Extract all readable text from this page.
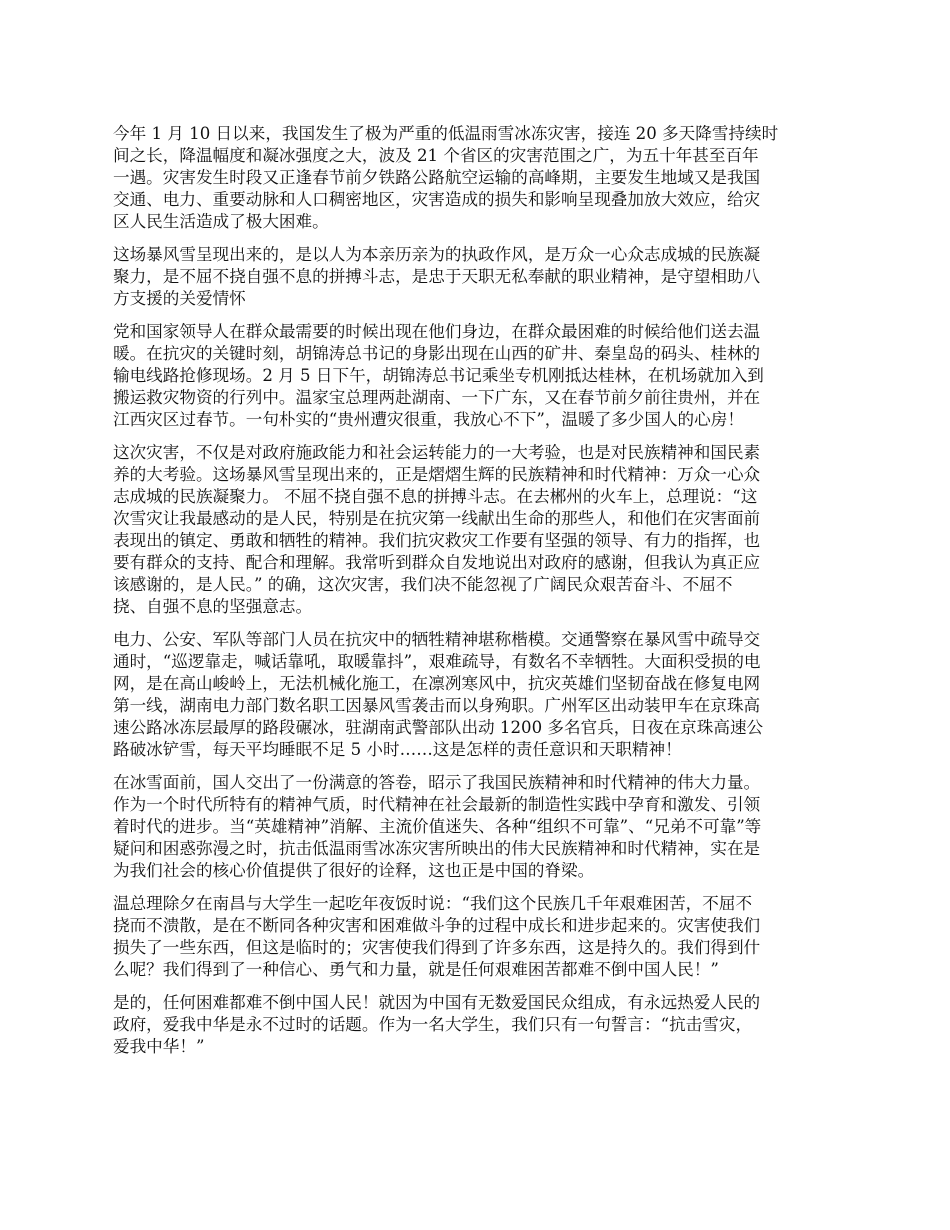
今年 1 月 10 日以来，我国发生了极为严重的低温雨雪冰冻灾害，接连 20 多天降雪持续时
间之长，降温幅度和凝冰强度之大，波及 21 个省区的灾害范围之广，为五十年甚至百年
一遇。灾害发生时段又正逢春节前夕铁路公路航空运输的高峰期，主要发生地域又是我国
交通、电力、重要动脉和人口稠密地区，灾害造成的损失和影响呈现叠加放大效应，给灾
区人民生活造成了极大困难。

这场暴风雪呈现出来的，是以人为本亲历亲为的执政作风，是万众一心众志成城的民族凝
聚力，是不屈不挠自强不息的拼搏斗志，是忠于天职无私奉献的职业精神，是守望相助八
方支援的关爱情怀

党和国家领导人在群众最需要的时候出现在他们身边，在群众最困难的时候给他们送去温
暖。在抗灾的关键时刻，胡锦涛总书记的身影出现在山西的矿井、秦皇岛的码头、桂林的
输电线路抢修现场。2 月 5 日下午，胡锦涛总书记乘坐专机刚抵达桂林，在机场就加入到
搬运救灾物资的行列中。温家宝总理两赴湖南、一下广东，又在春节前夕前往贵州，并在
江西灾区过春节。一句朴实的“贵州遭灾很重，我放心不下”，温暖了多少国人的心房！

这次灾害，不仅是对政府施政能力和社会运转能力的一大考验，也是对民族精神和国民素
养的大考验。这场暴风雪呈现出来的，正是熠熠生辉的民族精神和时代精神：万众一心众
志成城的民族凝聚力。 不屈不挠自强不息的拼搏斗志。在去郴州的火车上，总理说：“这
次雪灾让我最感动的是人民，特别是在抗灾第一线献出生命的那些人，和他们在灾害面前
表现出的镇定、勇敢和牺牲的精神。我们抗灾救灾工作要有坚强的领导、有力的指挥，也
要有群众的支持、配合和理解。我常听到群众自发地说出对政府的感谢，但我认为真正应
该感谢的，是人民。” 的确，这次灾害，我们决不能忽视了广阔民众艰苦奋斗、不屈不
挠、自强不息的坚强意志。

电力、公安、军队等部门人员在抗灾中的牺牲精神堪称楷模。交通警察在暴风雪中疏导交
通时，“巡逻靠走，喊话靠吼，取暖靠抖”，艰难疏导，有数名不幸牺牲。大面积受损的电
网，是在高山峻岭上，无法机械化施工，在凛冽寒风中，抗灾英雄们坚韧奋战在修复电网
第一线，湖南电力部门数名职工因暴风雪袭击而以身殉职。广州军区出动装甲车在京珠高
速公路冰冻层最厚的路段碾冰，驻湖南武警部队出动 1200 多名官兵，日夜在京珠高速公
路破冰铲雪，每天平均睡眠不足 5 小时……这是怎样的责任意识和天职精神！

在冰雪面前，国人交出了一份满意的答卷，昭示了我国民族精神和时代精神的伟大力量。
作为一个时代所特有的精神气质，时代精神在社会最新的制造性实践中孕育和激发、引领
着时代的进步。当“英雄精神”消解、主流价值迷失、各种“组织不可靠”、“兄弟不可靠”等
疑问和困惑弥漫之时，抗击低温雨雪冰冻灾害所映出的伟大民族精神和时代精神，实在是
为我们社会的核心价值提供了很好的诠释，这也正是中国的脊梁。

温总理除夕在南昌与大学生一起吃年夜饭时说：“我们这个民族几千年艰难困苦，不屈不
挠而不溃散，是在不断同各种灾害和困难做斗争的过程中成长和进步起来的。灾害使我们
损失了一些东西，但这是临时的；灾害使我们得到了许多东西，这是持久的。我们得到什
么呢？我们得到了一种信心、勇气和力量，就是任何艰难困苦都难不倒中国人民！”

是的，任何困难都难不倒中国人民！就因为中国有无数爱国民众组成，有永远热爱人民的
政府，爱我中华是永不过时的话题。作为一名大学生，我们只有一句誓言：“抗击雪灾，
爱我中华！”
